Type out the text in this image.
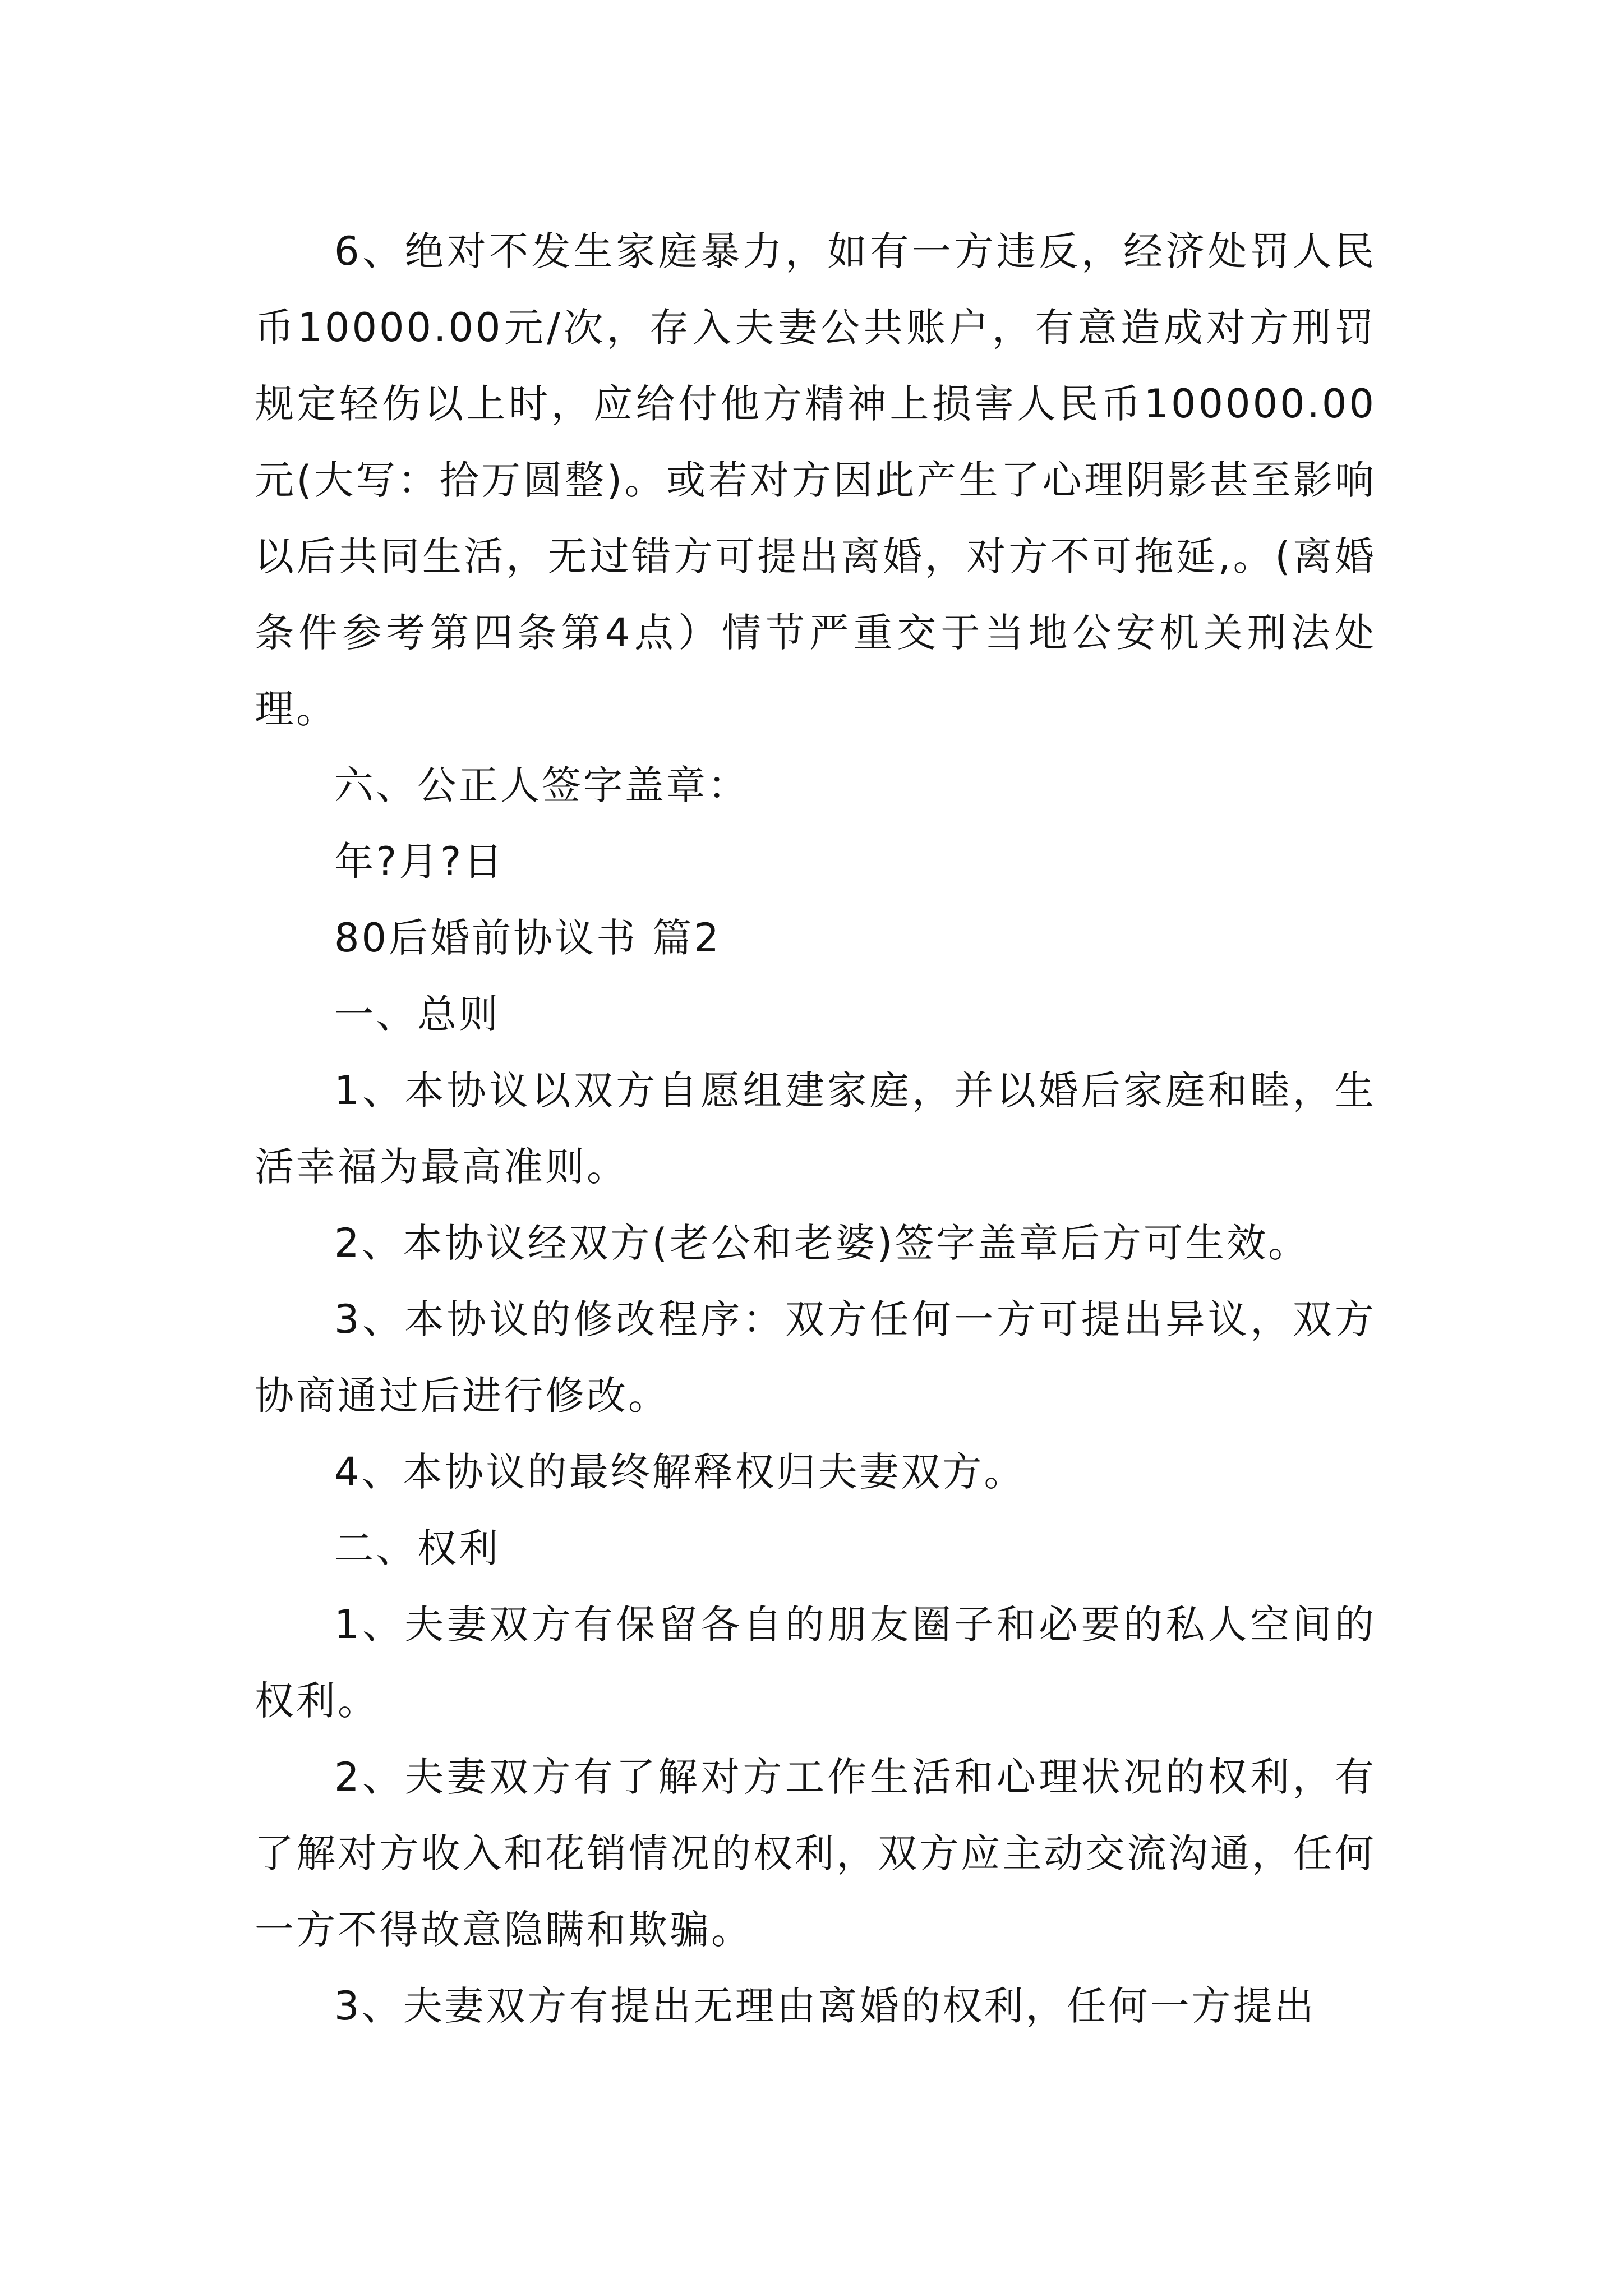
6、绝对不发生家庭暴力，如有一方违反，经济处罚人民币10000.00元/次，存入夫妻公共账户，有意造成对方刑罚规定轻伤以上时，应给付他方精神上损害人民币100000.00元(大写：拾万圆整)。或若对方因此产生了心理阴影甚至影响以后共同生活，无过错方可提出离婚，对方不可拖延,。(离婚条件参考第四条第4点）情节严重交于当地公安机关刑法处理。

六、公正人签字盖章：

年?月?日

80后婚前协议书 篇2

一、总则

1、本协议以双方自愿组建家庭，并以婚后家庭和睦，生活幸福为最高准则。

2、本协议经双方(老公和老婆)签字盖章后方可生效。

3、本协议的修改程序：双方任何一方可提出异议，双方协商通过后进行修改。

4、本协议的最终解释权归夫妻双方。

二、权利

1、夫妻双方有保留各自的朋友圈子和必要的私人空间的权利。

2、夫妻双方有了解对方工作生活和心理状况的权利，有了解对方收入和花销情况的权利，双方应主动交流沟通，任何一方不得故意隐瞒和欺骗。

3、夫妻双方有提出无理由离婚的权利，任何一方提出
